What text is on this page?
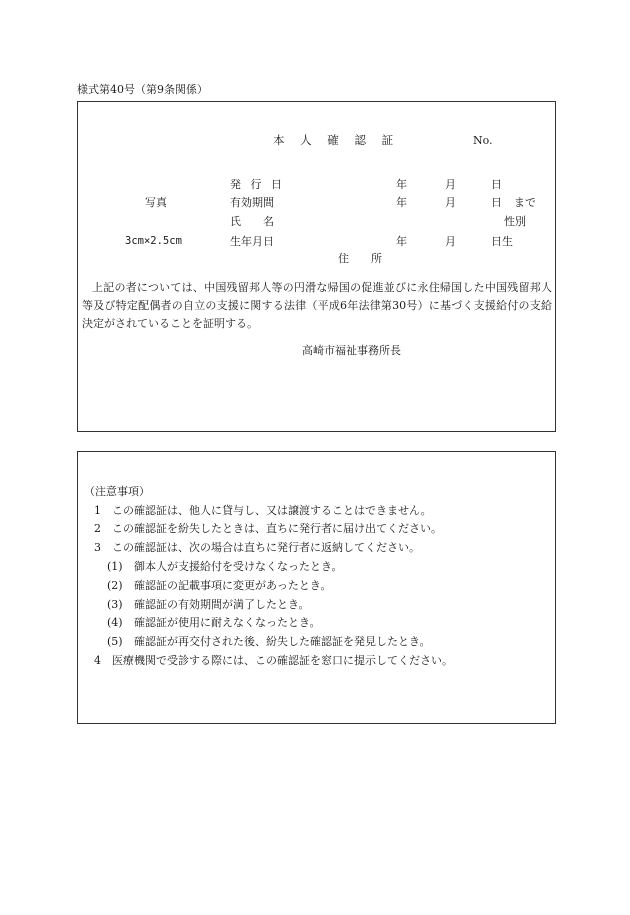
様式第40号（第9条関係）
本 人 確 認 証	No.
発 行 日	年	月	日
写真	有効期間	年	月	日 まで
氏　　名	性別
3cm×2.5cm	生年月日	年	月	日生
住　　所
上記の者については、中国残留邦人等の円滑な帰国の促進並びに永住帰国した中国残留邦人等及び特定配偶者の自立の支援に関する法律（平成6年法律第30号）に基づく支援給付の支給決定がされていることを証明する。
高崎市福祉事務所長
（注意事項）
1 この確認証は、他人に貸与し、又は譲渡することはできません。
2 この確認証を紛失したときは、直ちに発行者に届け出てください。
3 この確認証は、次の場合は直ちに発行者に返納してください。
(1) 御本人が支援給付を受けなくなったとき。
(2) 確認証の記載事項に変更があったとき。
(3) 確認証の有効期間が満了したとき。
(4) 確認証が使用に耐えなくなったとき。
(5) 確認証が再交付された後、紛失した確認証を発見したとき。
4 医療機関で受診する際には、この確認証を窓口に提示してください。
